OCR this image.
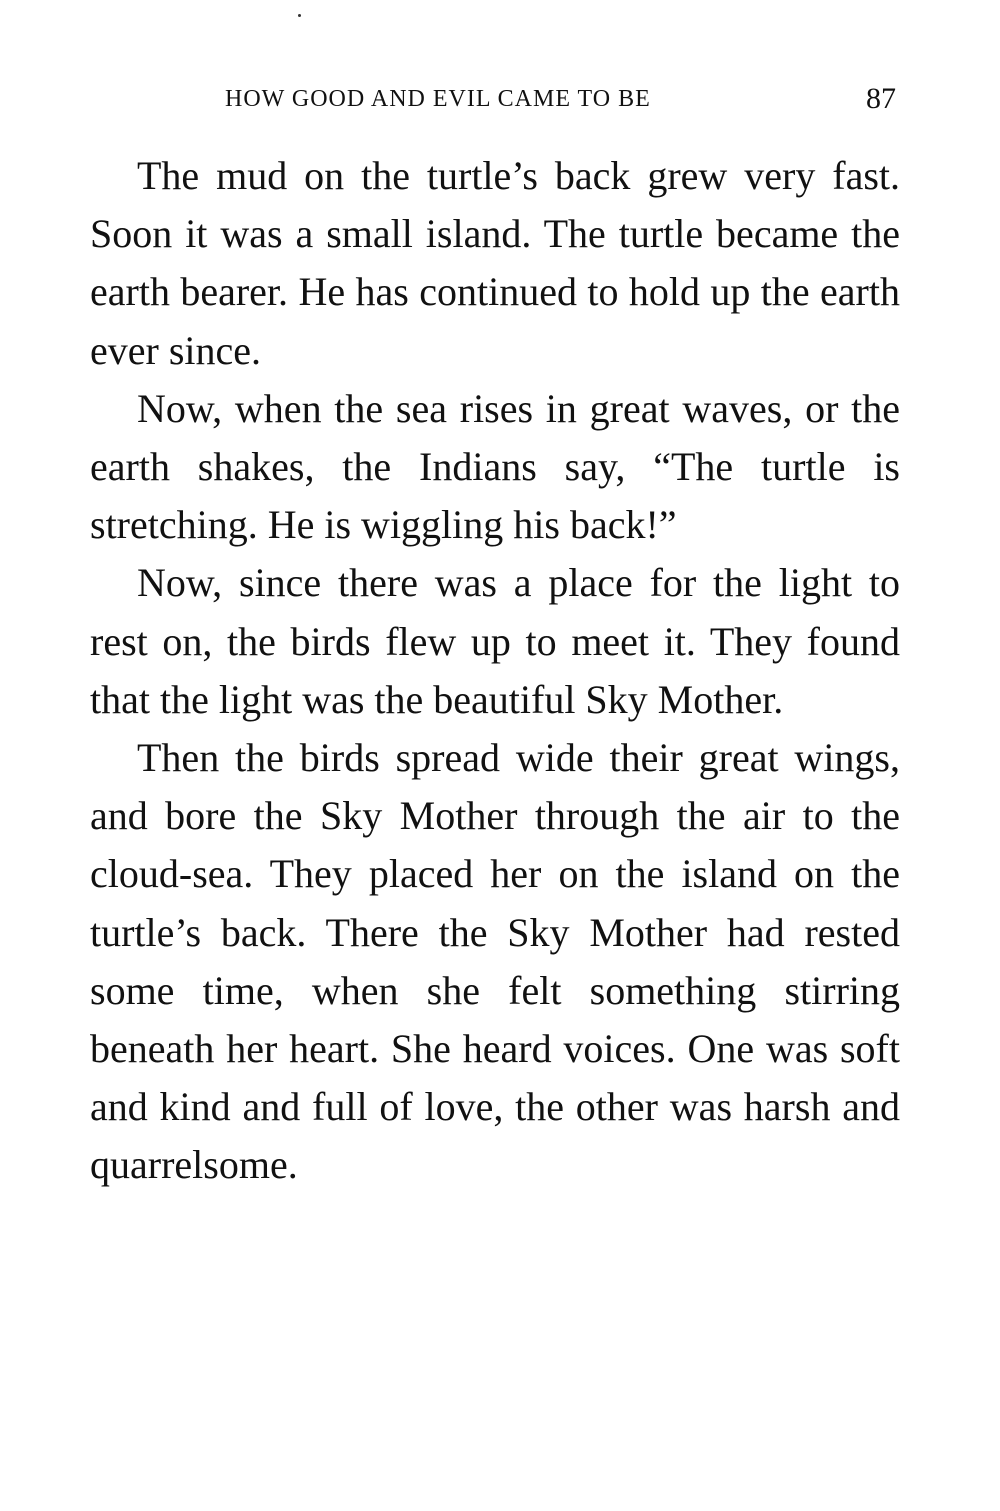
HOW GOOD AND EVIL CAME TO BE	87

The mud on the turtle’s back grew very fast. Soon it was a small island. The turtle became the earth bearer. He has continued to hold up the earth ever since.

Now, when the sea rises in great waves, or the earth shakes, the Indians say, “The turtle is stretching. He is wiggling his back!”

Now, since there was a place for the light to rest on, the birds flew up to meet it. They found that the light was the beautiful Sky Mother.

Then the birds spread wide their great wings, and bore the Sky Mother through the air to the cloud-sea. They placed her on the island on the turtle’s back. There the Sky Mother had rested some time, when she felt something stirring beneath her heart. She heard voices. One was soft and kind and full of love, the other was harsh and quarrelsome.
